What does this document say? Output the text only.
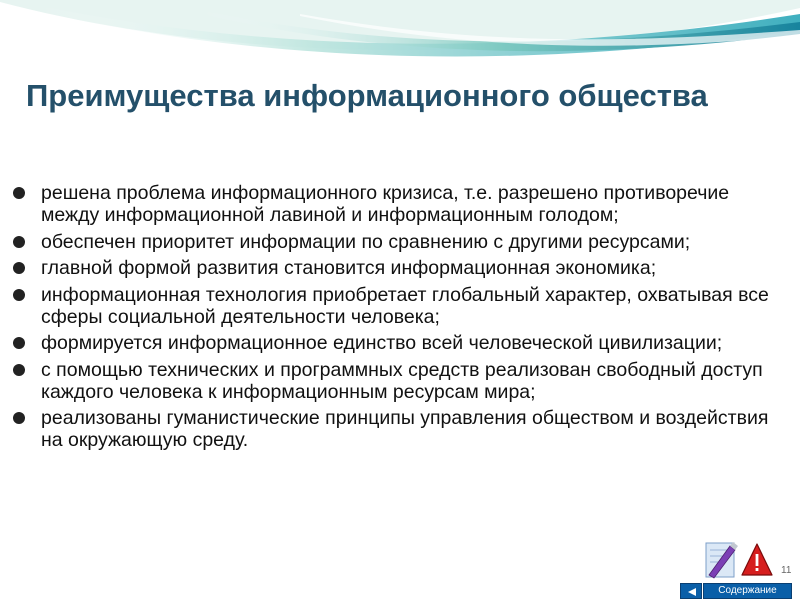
Преимущества информационного общества
решена проблема информационного кризиса, т.е. разрешено противоречие между информационной лавиной и информационным голодом;
обеспечен приоритет информации по сравнению с другими ресурсами;
главной формой развития становится информационная экономика;
информационная технология приобретает глобальный характер, охватывая все сферы социальной деятельности человека;
формируется информационное единство всей человеческой цивилизации;
с помощью технических и программных средств реализован свободный доступ каждого человека к информационным ресурсам мира;
реализованы гуманистические принципы управления обществом и воздействия на окружающую среду.
11
Содержание
